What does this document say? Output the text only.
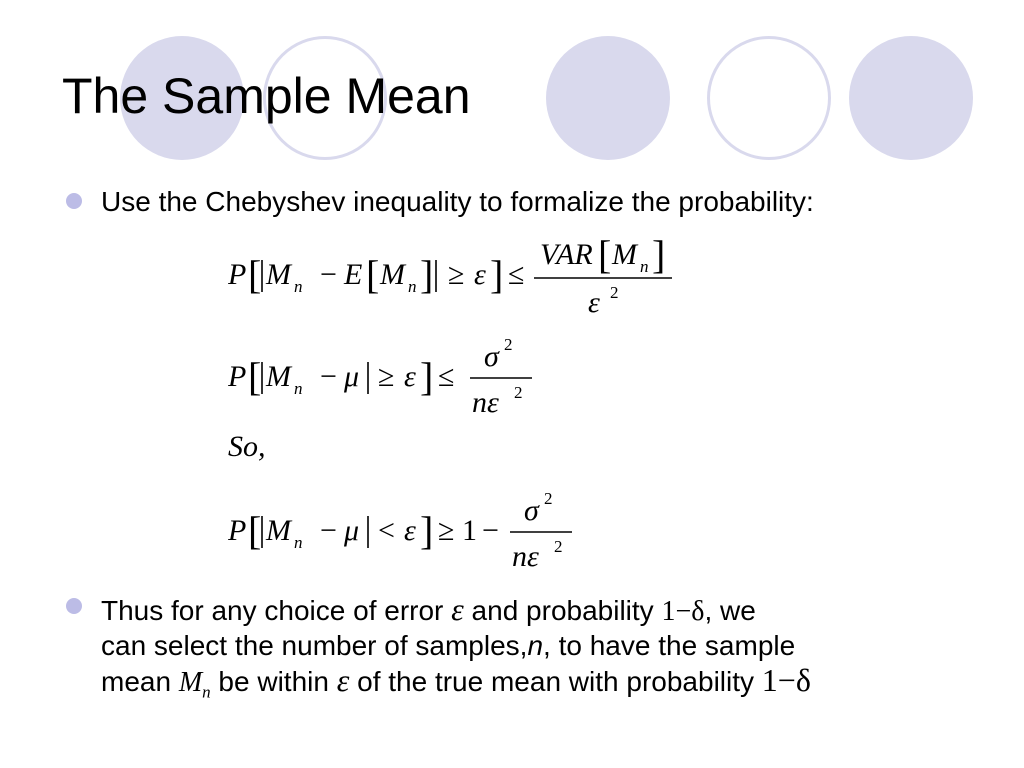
The Sample Mean
Use the Chebyshev inequality to formalize the probability:
P [ M n − E [ M n ] ≥ ε ] ≤
VAR [ M n ]
ε 2
P [ M n − μ ≥ ε ] ≤
σ 2
nε 2
So,
P [ M n − μ < ε ] ≥ 1 −
σ 2
nε 2
Thus for any choice of error ε and probability 1−δ, we
can select the number of samples,n, to have the sample
mean $M_n$ be within ε of the true mean with probability 1−δ
